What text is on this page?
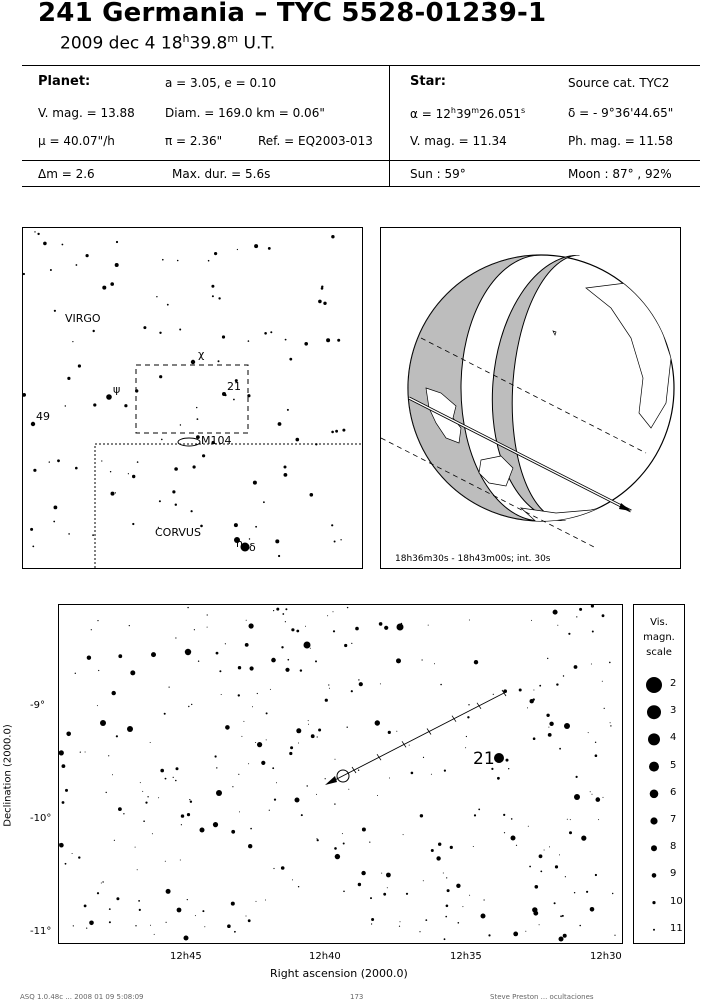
241 Germania – TYC 5528-01239-1
2009 dec 4 18$^h$39.8$^m$ U.T.
Planet:	a = 3.05, e = 0.10
V. mag. = 13.88	Diam. = 169.0 km = 0.06"
μ = 40.07"/h	π = 2.36"	Ref. = EQ2003-013
Δm = 2.6	Max. dur. = 5.6s
Star:	Source cat. TYC2
$\alpha = 12^h39^m26.051^s$	δ = - 9°36'44.65"
V. mag. = 11.34	Ph. mag. = 11.58
Sun : 59°	Moon : 87° , 92%
VIRGO
CORVUS
M104
21
49
χ
ψ
η δ
18h36m30s - 18h43m00s; int. 30s
Declination (2000.0)	21
-9°
-10°
-11°
12h45	12h40	12h35	12h30
Right ascension (2000.0)
Vis.
magn.
scale
2
3
4
5
6
7
8
9
10
11
ASQ 1.0.48c ... 2008 01 09 5:08:09	173	Steve Preston ... ocultaciones
